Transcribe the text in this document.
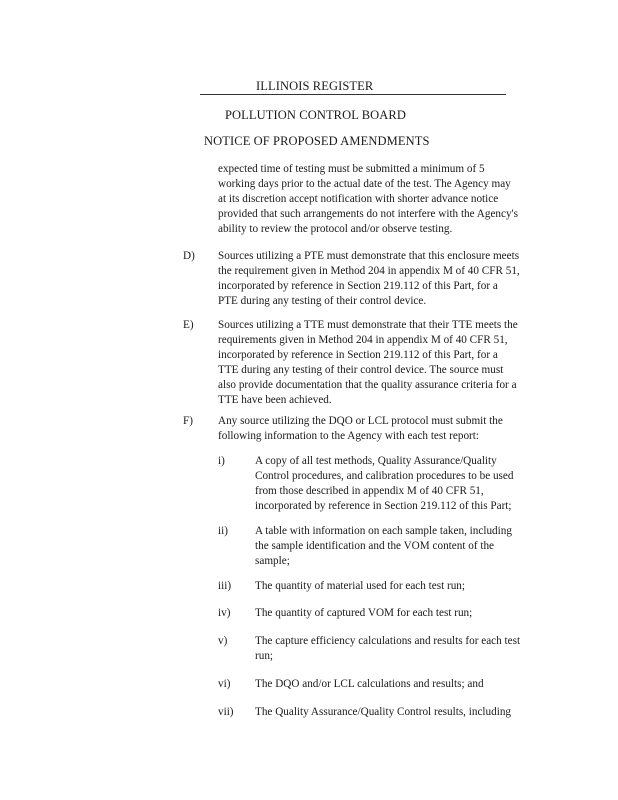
ILLINOIS REGISTER
POLLUTION CONTROL BOARD
NOTICE OF PROPOSED AMENDMENTS
expected time of testing must be submitted a minimum of 5
working days prior to the actual date of the test. The Agency may
at its discretion accept notification with shorter advance notice
provided that such arrangements do not interfere with the Agency's
ability to review the protocol and/or observe testing.
D) Sources utilizing a PTE must demonstrate that this enclosure meets
the requirement given in Method 204 in appendix M of 40 CFR 51,
incorporated by reference in Section 219.112 of this Part, for a
PTE during any testing of their control device.
E) Sources utilizing a TTE must demonstrate that their TTE meets the
requirements given in Method 204 in appendix M of 40 CFR 51,
incorporated by reference in Section 219.112 of this Part, for a
TTE during any testing of their control device. The source must
also provide documentation that the quality assurance criteria for a
TTE have been achieved.
F) Any source utilizing the DQO or LCL protocol must submit the
following information to the Agency with each test report:
i)	A copy of all test methods, Quality Assurance/Quality
Control procedures, and calibration procedures to be used
from those described in appendix M of 40 CFR 51,
incorporated by reference in Section 219.112 of this Part;
ii) A table with information on each sample taken, including
the sample identification and the VOM content of the
sample;
iii) The quantity of material used for each test run;
iv) The quantity of captured VOM for each test run;
v) The capture efficiency calculations and results for each test
run;
vi) The DQO and/or LCL calculations and results; and
vii) The Quality Assurance/Quality Control results, including
